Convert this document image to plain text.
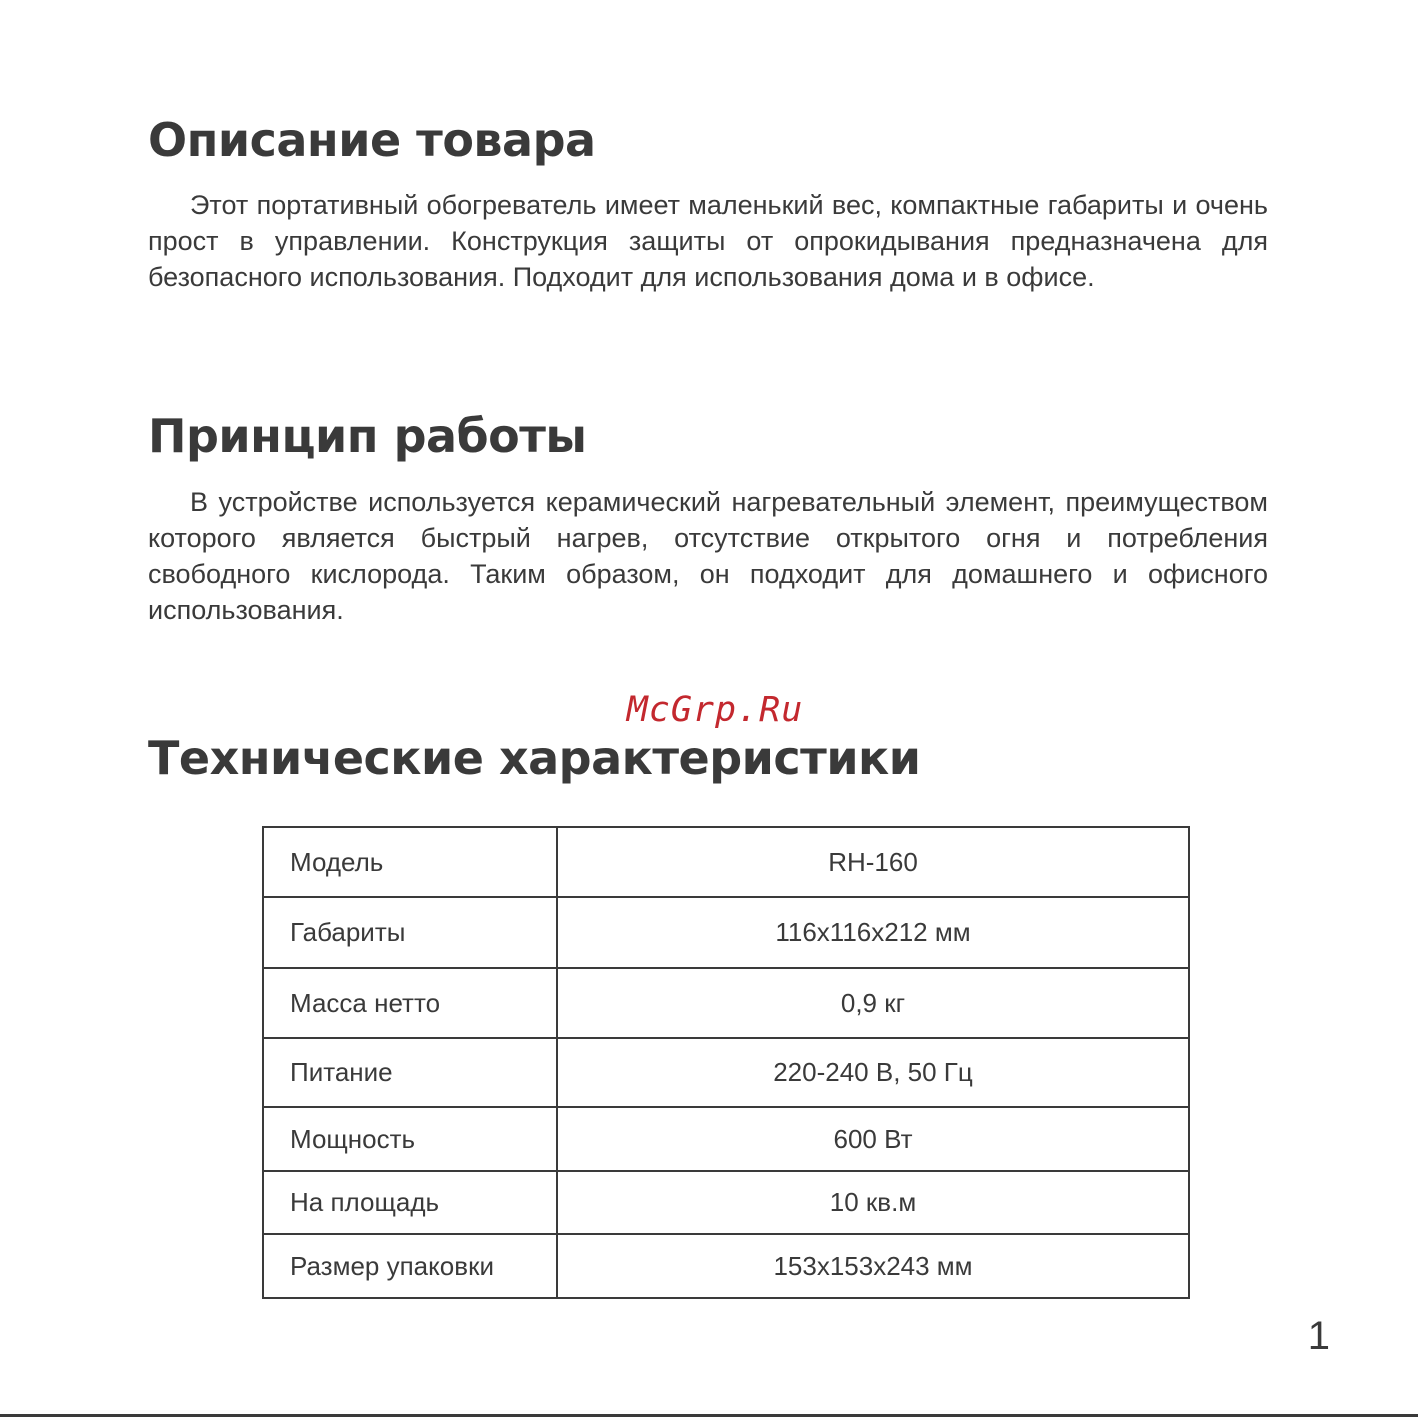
Описание товара

Этот портативный обогреватель имеет маленький вес, компактные габариты и очень прост в управлении. Конструкция защиты от опрокидывания предназначена для безопасного использования. Подходит для использования дома и в офисе.

Принцип работы

В устройстве используется керамический нагревательный элемент, преимуществом которого является быстрый нагрев, отсутствие открытого огня и потребления свободного кислорода. Таким образом, он подходит для домашнего и офисного использования.

McGrp.Ru
Технические характеристики
Модель	RH-160
Габариты	116x116x212 мм
Масса нетто	0,9 кг
Питание	220-240 В, 50 Гц
Мощность	600 Вт
На площадь	10 кв.м
Размер упаковки	153x153x243 мм
1
